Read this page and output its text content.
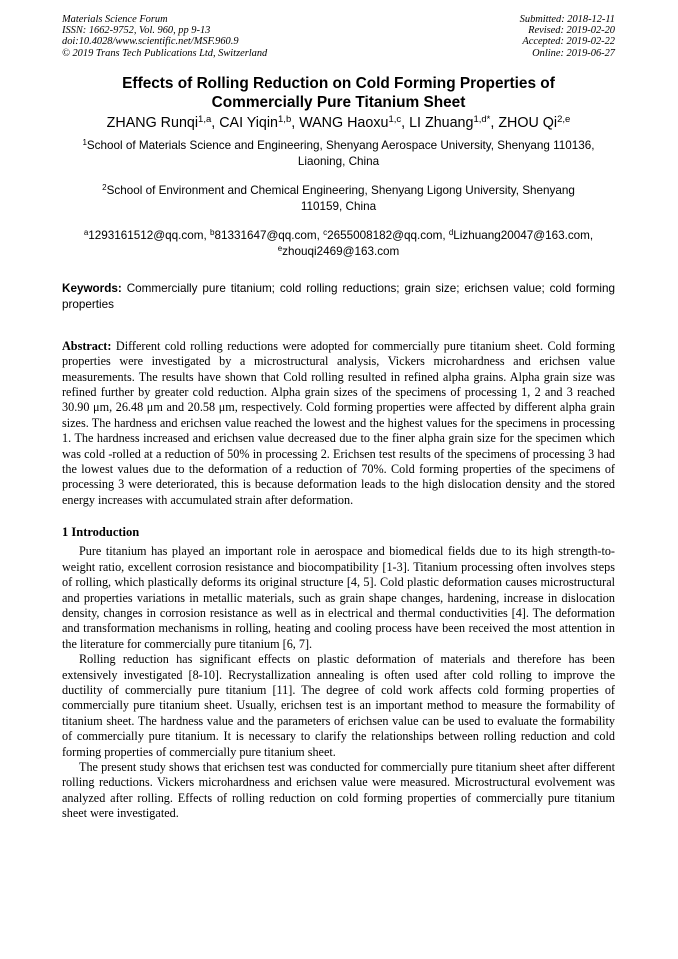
Materials Science Forum
ISSN: 1662-9752, Vol. 960, pp 9-13
doi:10.4028/www.scientific.net/MSF.960.9
© 2019 Trans Tech Publications Ltd, Switzerland
Submitted: 2018-12-11
Revised: 2019-02-20
Accepted: 2019-02-22
Online: 2019-06-27
Effects of Rolling Reduction on Cold Forming Properties of
Commercially Pure Titanium Sheet
ZHANG Runqi$^{1,a}$, CAI Yiqin$^{1,b}$, WANG Haoxu$^{1,c}$, LI Zhuang$^{1,d*}$, ZHOU Qi$^{2,e}$
$^1$School of Materials Science and Engineering, Shenyang Aerospace University, Shenyang 110136,
Liaoning, China
$^2$School of Environment and Chemical Engineering, Shenyang Ligong University, Shenyang
110159, China
$^a$1293161512@qq.com, $^b$81331647@qq.com, $^c$2655008182@qq.com, $^d$Lizhuang20047@163.com,
$^e$zhouqi2469@163.com
Keywords: Commercially pure titanium; cold rolling reductions; grain size; erichsen value; cold forming properties
Abstract: Different cold rolling reductions were adopted for commercially pure titanium sheet. Cold forming properties were investigated by a microstructural analysis, Vickers microhardness and erichsen value measurements. The results have shown that Cold rolling resulted in refined alpha grains. Alpha grain size was refined further by greater cold reduction. Alpha grain sizes of the specimens of processing 1, 2 and 3 reached 30.90 μm, 26.48 μm and 20.58 μm, respectively. Cold forming properties were affected by different alpha grain sizes. The hardness and erichsen value reached the lowest and the highest values for the specimens in processing 1. The hardness increased and erichsen value decreased due to the finer alpha grain size for the specimen which was cold -rolled at a reduction of 50% in processing 2. Erichsen test results of the specimens of processing 3 had the lowest values due to the deformation of a reduction of 70%. Cold forming properties of the specimens of processing 3 were deteriorated, this is because deformation leads to the high dislocation density and the stored energy increases with accumulated strain after deformation.
1 Introduction

Pure titanium has played an important role in aerospace and biomedical fields due to its high strength-to-weight ratio, excellent corrosion resistance and biocompatibility [1-3]. Titanium processing often involves steps of rolling, which plastically deforms its original structure [4, 5]. Cold plastic deformation causes microstructural and properties variations in metallic materials, such as grain shape changes, hardening, increase in dislocation density, changes in corrosion resistance as well as in electrical and thermal conductivities [4]. The deformation and transformation mechanisms in rolling, heating and cooling process have been received the most attention in the literature for commercially pure titanium [6, 7].

Rolling reduction has significant effects on plastic deformation of materials and therefore has been extensively investigated [8-10]. Recrystallization annealing is often used after cold rolling to improve the ductility of commercially pure titanium [11]. The degree of cold work affects cold forming properties of commercially pure titanium sheet. Usually, erichsen test is an important method to measure the formability of titanium sheet. The hardness value and the parameters of erichsen value can be used to evaluate the formability of commercially pure titanium. It is necessary to clarify the relationships between rolling reduction and cold forming properties of commercially pure titanium sheet.

The present study shows that erichsen test was conducted for commercially pure titanium sheet after different rolling reductions. Vickers microhardness and erichsen value were measured. Microstructural evolvement was analyzed after rolling. Effects of rolling reduction on cold forming properties of commercially pure titanium sheet were investigated.
